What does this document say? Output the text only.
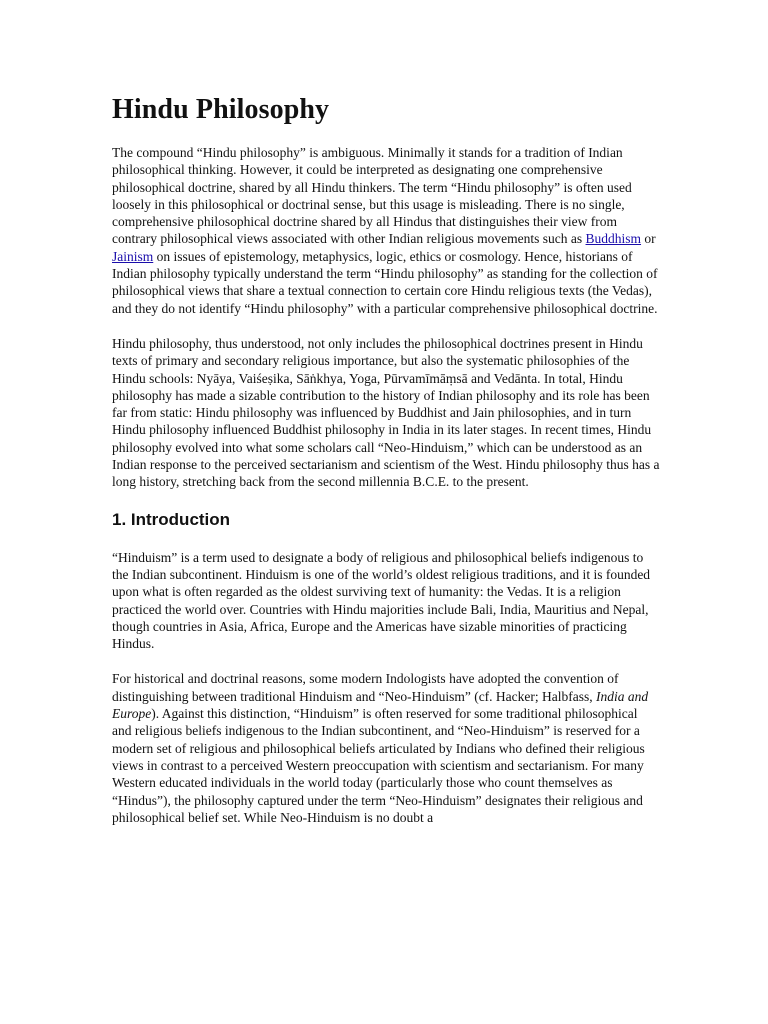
Hindu Philosophy

The compound “Hindu philosophy” is ambiguous. Minimally it stands for a tradition of Indian philosophical thinking. However, it could be interpreted as designating one comprehensive philosophical doctrine, shared by all Hindu thinkers. The term “Hindu philosophy” is often used loosely in this philosophical or doctrinal sense, but this usage is misleading. There is no single, comprehensive philosophical doctrine shared by all Hindus that distinguishes their view from contrary philosophical views associated with other Indian religious movements such as Buddhism or Jainism on issues of epistemology, metaphysics, logic, ethics or cosmology. Hence, historians of Indian philosophy typically understand the term “Hindu philosophy” as standing for the collection of philosophical views that share a textual connection to certain core Hindu religious texts (the Vedas), and they do not identify “Hindu philosophy” with a particular comprehensive philosophical doctrine.

Hindu philosophy, thus understood, not only includes the philosophical doctrines present in Hindu texts of primary and secondary religious importance, but also the systematic philosophies of the Hindu schools: Nyāya, Vaiśeṣika, Sāṅkhya, Yoga, Pūrvamīmāṃsā and Vedānta. In total, Hindu philosophy has made a sizable contribution to the history of Indian philosophy and its role has been far from static: Hindu philosophy was influenced by Buddhist and Jain philosophies, and in turn Hindu philosophy influenced Buddhist philosophy in India in its later stages. In recent times, Hindu philosophy evolved into what some scholars call “Neo-Hinduism,” which can be understood as an Indian response to the perceived sectarianism and scientism of the West. Hindu philosophy thus has a long history, stretching back from the second millennia B.C.E. to the present.

1. Introduction

“Hinduism” is a term used to designate a body of religious and philosophical beliefs indigenous to the Indian subcontinent. Hinduism is one of the world’s oldest religious traditions, and it is founded upon what is often regarded as the oldest surviving text of humanity: the Vedas. It is a religion practiced the world over. Countries with Hindu majorities include Bali, India, Mauritius and Nepal, though countries in Asia, Africa, Europe and the Americas have sizable minorities of practicing Hindus.

For historical and doctrinal reasons, some modern Indologists have adopted the convention of distinguishing between traditional Hinduism and “Neo-Hinduism” (cf. Hacker; Halbfass, India and Europe). Against this distinction, “Hinduism” is often reserved for some traditional philosophical and religious beliefs indigenous to the Indian subcontinent, and “Neo-Hinduism” is reserved for a modern set of religious and philosophical beliefs articulated by Indians who defined their religious views in contrast to a perceived Western preoccupation with scientism and sectarianism. For many Western educated individuals in the world today (particularly those who count themselves as “Hindus”), the philosophy captured under the term “Neo-Hinduism” designates their religious and philosophical belief set. While Neo-Hinduism is no doubt a
